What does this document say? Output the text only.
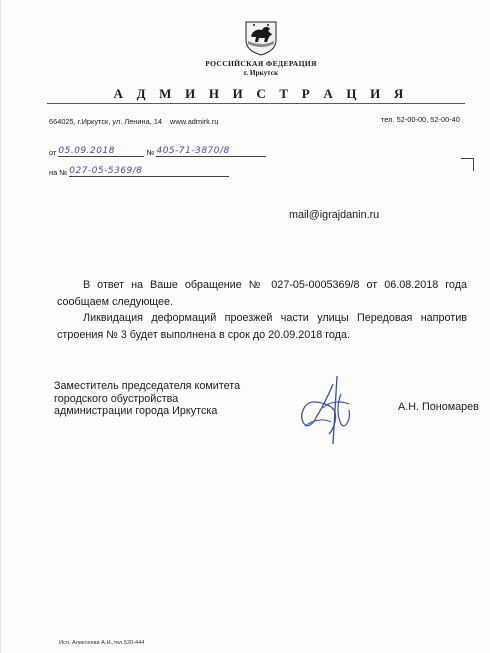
РОССИЙСКАЯ ФЕДЕРАЦИЯ
г. Иркутск
А Д М И Н И С Т Р А Ц И Я
664025, г.Иркутск, ул. Ленина, 14 www.admirk.ru	тел. 52-00-00, 52-00-40
от 05.09.2018	№ 405-71-3870/8
на № 027-05-5369/8
mail@igrajdanin.ru

В ответ на Ваше обращение № 027-05-0005369/8 от 06.08.2018 года сообщаем следующее.

Ликвидация деформаций проезжей части улицы Передовая напротив строения № 3 будет выполнена в срок до 20.09.2018 года.

Заместитель председателя комитета
городского обустройства
администрации города Иркутска	А.Н. Пономарев
Исп. Алексеева А.Н.,тел.520-444
